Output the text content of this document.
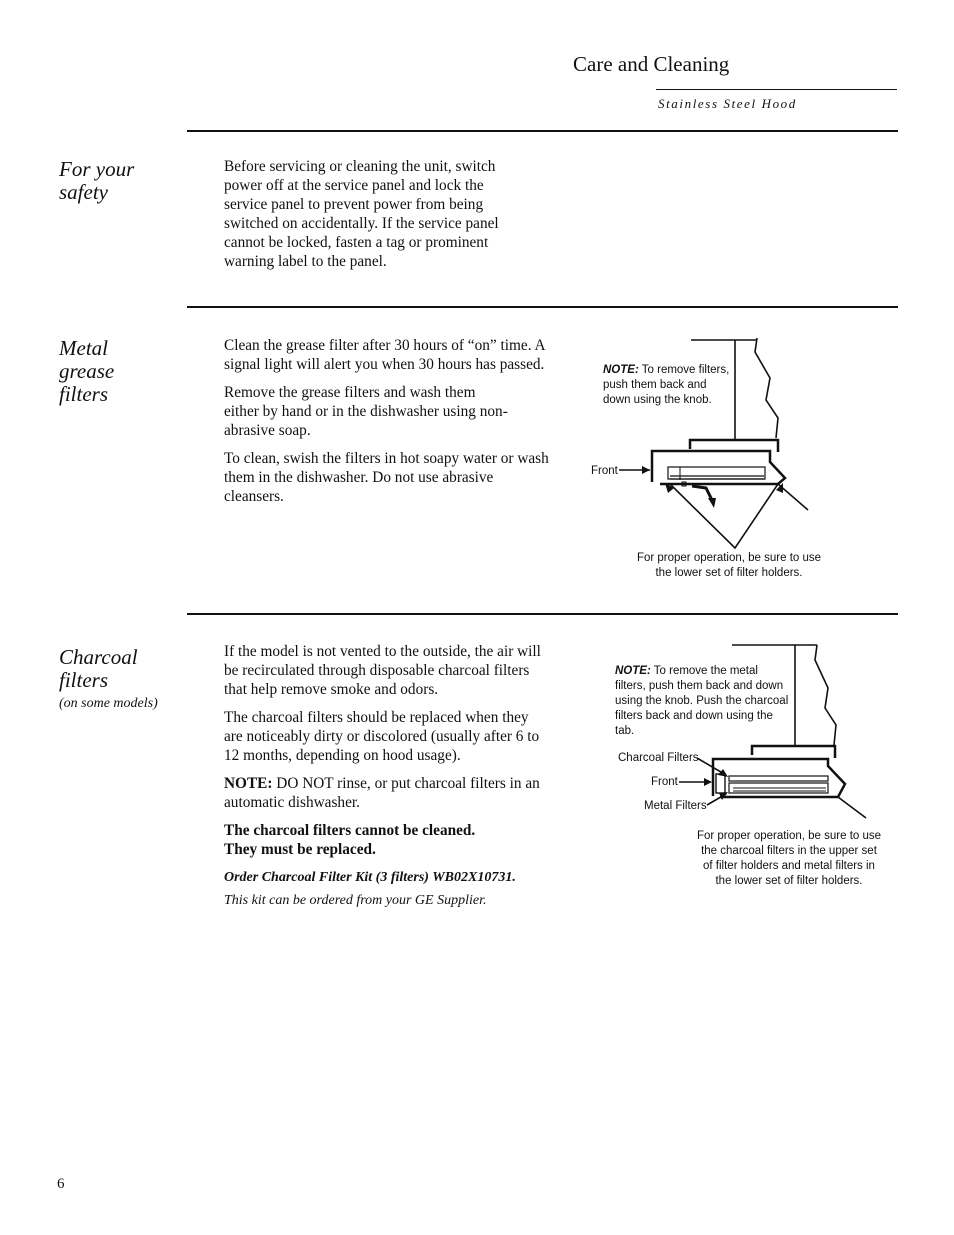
Care and Cleaning
Stainless Steel Hood
For your
safety

Before servicing or cleaning the unit, switch power off at the service panel and lock the service panel to prevent power from being switched on accidentally. If the service panel cannot be locked, fasten a tag or prominent warning label to the panel.

Metal
grease
filters

Clean the grease filter after 30 hours of “on” time. A signal light will alert you when 30 hours has passed.

Remove the grease filters and wash them either by hand or in the dishwasher using non-abrasive soap.

To clean, swish the filters in hot soapy water or wash them in the dishwasher. Do not use abrasive cleansers.

NOTE: To remove filters, push them back and down using the knob.
Front
For proper operation, be sure to use the lower set of filter holders.
Charcoal
filters
(on some models)

If the model is not vented to the outside, the air will be recirculated through disposable charcoal filters that help remove smoke and odors.

The charcoal filters should be replaced when they are noticeably dirty or discolored (usually after 6 to 12 months, depending on hood usage).

NOTE: DO NOT rinse, or put charcoal filters in an automatic dishwasher.

The charcoal filters cannot be cleaned.
They must be replaced.

Order Charcoal Filter Kit (3 filters) WB02X10731.

This kit can be ordered from your GE Supplier.

NOTE: To remove the metal filters, push them back and down using the knob. Push the charcoal filters back and down using the tab.
Charcoal Filters
Front
Metal Filters
For proper operation, be sure to use the charcoal filters in the upper set of filter holders and metal filters in the lower set of filter holders.
6
